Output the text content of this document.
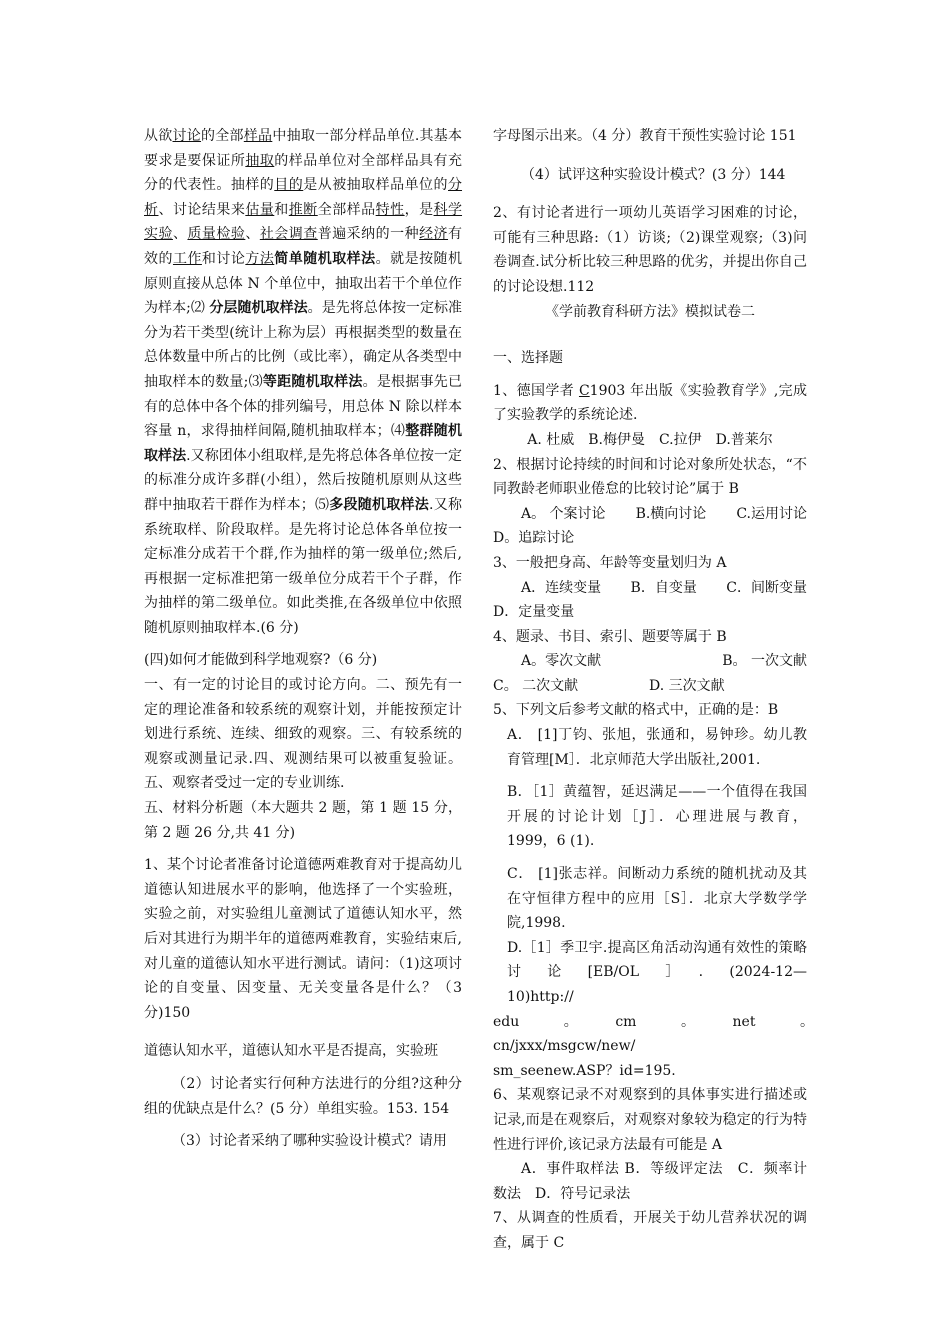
从欲讨论的全部样品中抽取一部分样品单位.其基本要求是要保证所抽取的样品单位对全部样品具有充分的代表性。抽样的目的是从被抽取样品单位的分析、讨论结果来估量和推断全部样品特性，是科学实验、质量检验、社会调查普遍采纳的一种经济有效的工作和讨论方法简单随机取样法。就是按随机原则直接从总体 N 个单位中，抽取出若干个单位作为样本;⑵ 分层随机取样法。是先将总体按一定标准分为若干类型(统计上称为层）再根据类型的数量在总体数量中所占的比例（或比率），确定从各类型中抽取样本的数量;⑶等距随机取样法。是根据事先已有的总体中各个体的排列编号，用总体 N 除以样本容量 n，求得抽样间隔,随机抽取样本；⑷整群随机取样法.又称团体小组取样,是先将总体各单位按一定的标准分成许多群(小组），然后按随机原则从这些群中抽取若干群作为样本；⑸多段随机取样法.又称系统取样、阶段取样。是先将讨论总体各单位按一定标准分成若干个群,作为抽样的第一级单位;然后,再根据一定标准把第一级单位分成若干个子群，作为抽样的第二级单位。如此类推,在各级单位中依照随机原则抽取样本.(6 分)

(四)如何才能做到科学地观察?（6 分)

一、有一定的讨论目的或讨论方向。二、预先有一定的理论准备和较系统的观察计划，并能按预定计划进行系统、连续、细致的观察。三、有较系统的观察或测量记录.四、观测结果可以被重复验证。五、观察者受过一定的专业训练.

五、材料分析题（本大题共 2 题，第 1 题 15 分，第 2 题 26 分,共 41 分)

1、某个讨论者准备讨论道德两难教育对于提高幼儿道德认知进展水平的影响，他选择了一个实验班，实验之前，对实验组儿童测试了道德认知水平，然后对其进行为期半年的道德两难教育，实验结束后,对儿童的道德认知水平进行测试。请问：（1)这项讨论的自变量、因变量、无关变量各是什么？（3 分)150

道德认知水平，道德认知水平是否提高，实验班

（2）讨论者实行何种方法进行的分组?这种分组的优缺点是什么？(5 分）单组实验。153. 154

（3）讨论者采纳了哪种实验设计模式？请用

字母图示出来。（4 分）教育干预性实验讨论 151

（4）试评这种实验设计模式？(3 分）144

2、有讨论者进行一项幼儿英语学习困难的讨论，可能有三种思路:（1）访谈;（2)课堂观察;（3)问卷调查.试分析比较三种思路的优劣，并提出你自己的讨论设想.112

《学前教育科研方法》模拟试卷二

一、选择题

1、德国学者 C1903 年出版《实验教育学》,完成了实验教学的系统论述.

A. 杜威　B.梅伊曼　C.拉伊　D.普莱尔

2、根据讨论持续的时间和讨论对象所处状态，“不同教龄老师职业倦怠的比较讨论”属于 B

A。 个案讨论 B.横向讨论 C.运用讨论

D。追踪讨论

3、一般把身高、年龄等变量划归为 A

A．连续变量 B．自变量 C．间断变量

D．定量变量

4、题录、书目、索引、题要等属于 B

A。零次文献	B。 一次文献
C。 二次文献	D. 三次文献

5、下列文后参考文献的格式中，正确的是：B

A． [1]丁钧、张旭，张通和，易钟珍。幼儿教育管理[M］．北京师范大学出版社,2001.

B．［1］黄蕴智，延迟满足——一个值得在我国开展的讨论计划［J］．心理进展与教育，1999，6 (1).

C． [1]张志祥。间断动力系统的随机扰动及其在守恒律方程中的应用［S］．北京大学数学学院,1998.

D.［1］季卫宇.提高区角活动沟通有效性的策略讨　论　[EB/OL　］　.　(2024-12—10)http://

edu　。　cm　。　net　。　cn/jxxx/msgcw/new/

sm_seenew.ASP？id=195.

6、某观察记录不对观察到的具体事实进行描述或记录,而是在观察后，对观察对象较为稳定的行为特性进行评价,该记录方法最有可能是 A

A．事件取样法 B．等级评定法　C．频率计数法　D．符号记录法

7、从调查的性质看，开展关于幼儿营养状况的调查，属于 C
